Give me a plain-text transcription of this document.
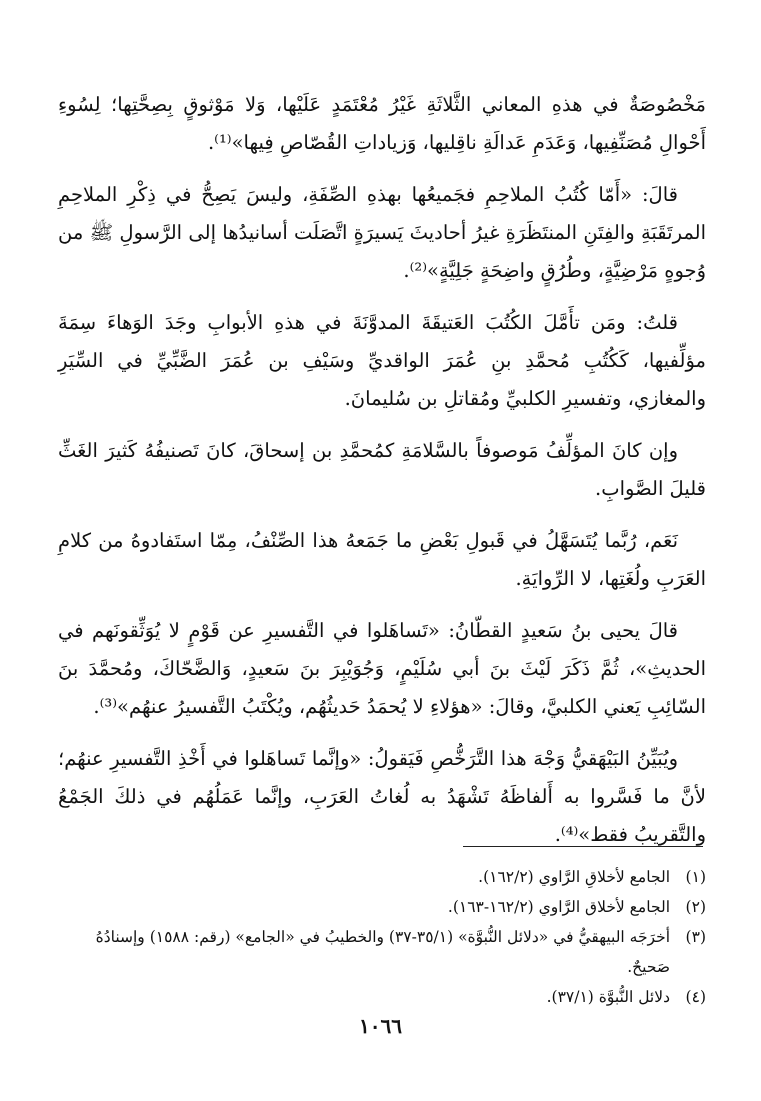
مَخْصُوصَةٌ في هذهِ المعاني الثَّلاثَةِ غَيْرُ مُعْتَمَدٍ عَلَيْها، وَلا مَوْثوقٍ بِصِحَّتِها؛ لِسُوءِ أَحْوالِ مُصَنِّفِيها، وَعَدَمِ عَدالَةِ ناقِليها، وَزياداتِ القُصّاصِ فِيها»⁽¹⁾.

قالَ: «أَمّا كُتُبُ الملاحِمِ فجَميعُها بهذهِ الصِّفَةِ، وليسَ يَصِحُّ في ذِكْرِ الملاحِمِ المرتَقَبَةِ والفِتَنِ المنتَظَرَةِ غيرُ أحاديثَ يَسيرَةٍ اتَّصَلَت أسانيدُها إلى الرَّسولِ ﷺ من وُجوهٍ مَرْضِيَّةٍ، وطُرُقٍ واضِحَةٍ جَلِيَّةٍ»⁽²⁾.

قلتُ: ومَن تأَمَّلَ الكُتُبَ العَتيقَةَ المدوَّنَةَ في هذهِ الأبوابِ وجَدَ الوَهاءَ سِمَةَ مؤلِّفيها، كَكُتُبِ مُحمَّدِ بنِ عُمَرَ الواقديِّ وسَيْفِ بن عُمَرَ الضَّبِّيِّ في السِّيَرِ والمغازي، وتفسيرِ الكلبيِّ ومُقاتلِ بن سُليمانَ.

وإن كانَ المؤلِّفُ مَوصوفاً بالسَّلامَةِ كمُحمَّدِ بن إسحاقَ، كانَ تَصنيفُهُ كَثيرَ الغَثِّ قليلَ الصَّوابِ.

نَعَم، رُبَّما يُتَسَهَّلُ في قَبولِ بَعْضِ ما جَمَعهُ هذا الصِّنْفُ، مِمّا استَفادوهُ من كلامِ العَرَبِ ولُغَتِها، لا الرِّوايَةِ.

قالَ يحيى بنُ سَعيدٍ القطّانُ: «تَساهَلوا في التَّفسيرِ عن قَوْمٍ لا يُوَثِّقونَهم في الحديثِ»، ثُمَّ ذَكَرَ لَيْثَ بنَ أبي سُلَيْمٍ، وَجُوَيْبِرَ بنَ سَعيدٍ، وَالضَّحّاكَ، ومُحمَّدَ بنَ السّائِبِ يَعني الكلبيَّ، وقالَ: «هؤلاءِ لا يُحمَدُ حَديثُهُم، ويُكْتَبُ التَّفسيرُ عنهُم»⁽³⁾.

ويُبَيِّنُ البَيْهَقيُّ وَجْهَ هذا التَّرَخُّصِ فَيَقولُ: «وإنَّما تَساهَلوا في أَخْذِ التَّفسيرِ عنهُم؛ لأنَّ ما فَسَّروا به أَلفاظَهُ تَشْهَدُ به لُغاتُ العَرَبِ، وإنَّما عَمَلُهُم في ذلكَ الجَمْعُ والتَّقريبُ فقط»⁽⁴⁾.

(١)
الجامع لأخلاقِ الرَّاوي (١٦٢/٢).
(٢)
الجامع لأخلاق الرَّاوي (١٦٢/٢-١٦٣).
(٣)
أخرَجَه البيهقيُّ في «دلائل النُّبوَّة» (٣٥/١-٣٧) والخطيبُ في «الجامع» (رقم: ١٥٨٨) وإسنادُهُ صَحيحٌ.
(٤)
دلائل النُّبوَّة (٣٧/١).
١٠٦٦
